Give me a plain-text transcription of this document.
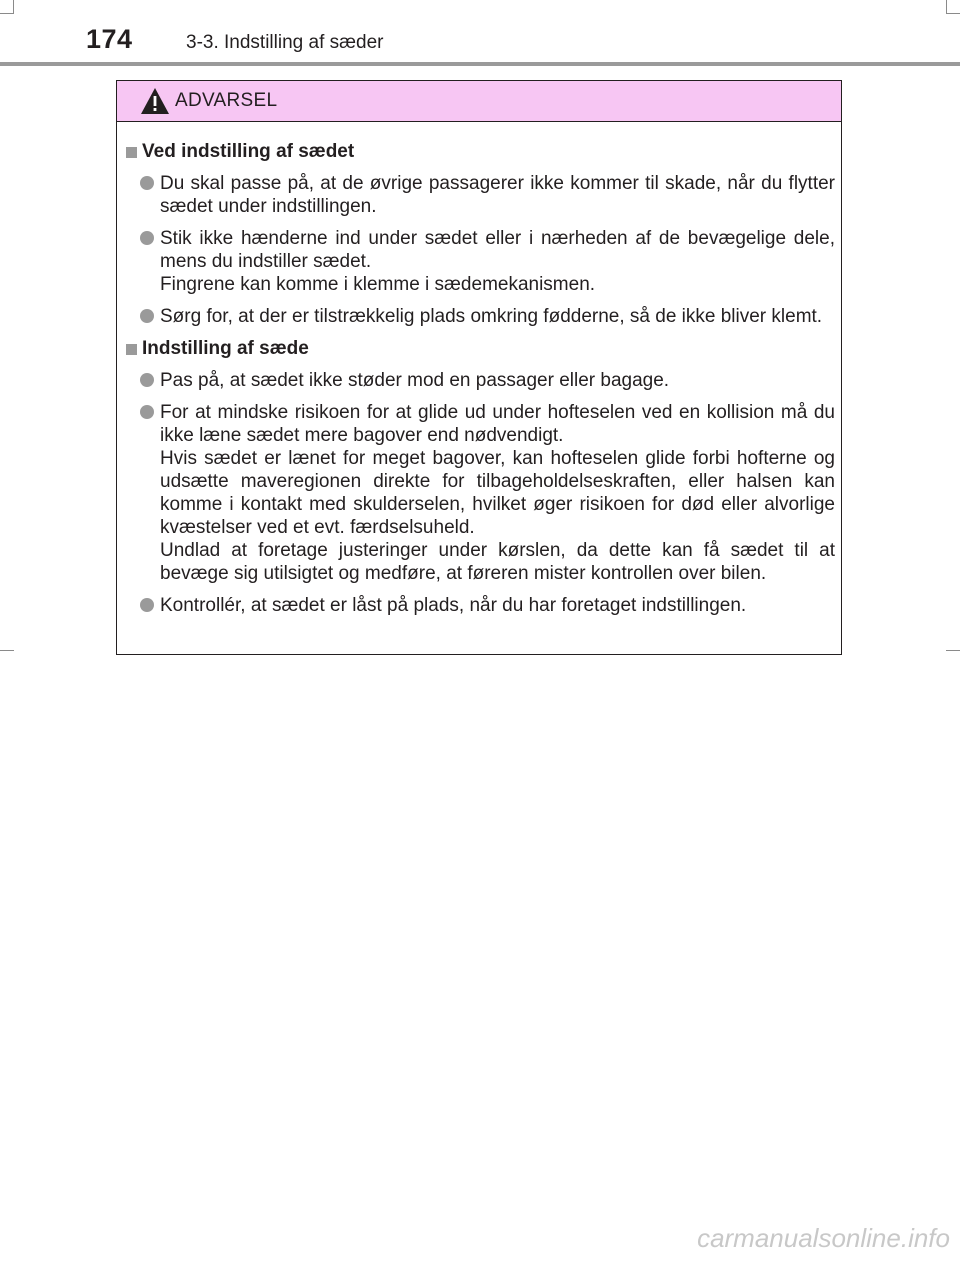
174	3-3. Indstilling af sæder
ADVARSEL
Ved indstilling af sædet

Du skal passe på, at de øvrige passagerer ikke kommer til skade, når du flytter sædet under indstillingen.

Stik ikke hænderne ind under sædet eller i nærheden af de bevægelige dele, mens du indstiller sædet.

Fingrene kan komme i klemme i sædemekanismen.

Sørg for, at der er tilstrækkelig plads omkring fødderne, så de ikke bliver klemt.

Indstilling af sæde

Pas på, at sædet ikke støder mod en passager eller bagage.

For at mindske risikoen for at glide ud under hofteselen ved en kollision må du ikke læne sædet mere bagover end nødvendigt.

Hvis sædet er lænet for meget bagover, kan hofteselen glide forbi hofterne og udsætte maveregionen direkte for tilbageholdelseskraften, eller halsen kan komme i kontakt med skulderselen, hvilket øger risikoen for død eller alvorlige kvæstelser ved et evt. færdselsuheld.

Undlad at foretage justeringer under kørslen, da dette kan få sædet til at bevæge sig utilsigtet og medføre, at føreren mister kontrollen over bilen.

Kontrollér, at sædet er låst på plads, når du har foretaget indstillingen.

carmanualsonline.info
